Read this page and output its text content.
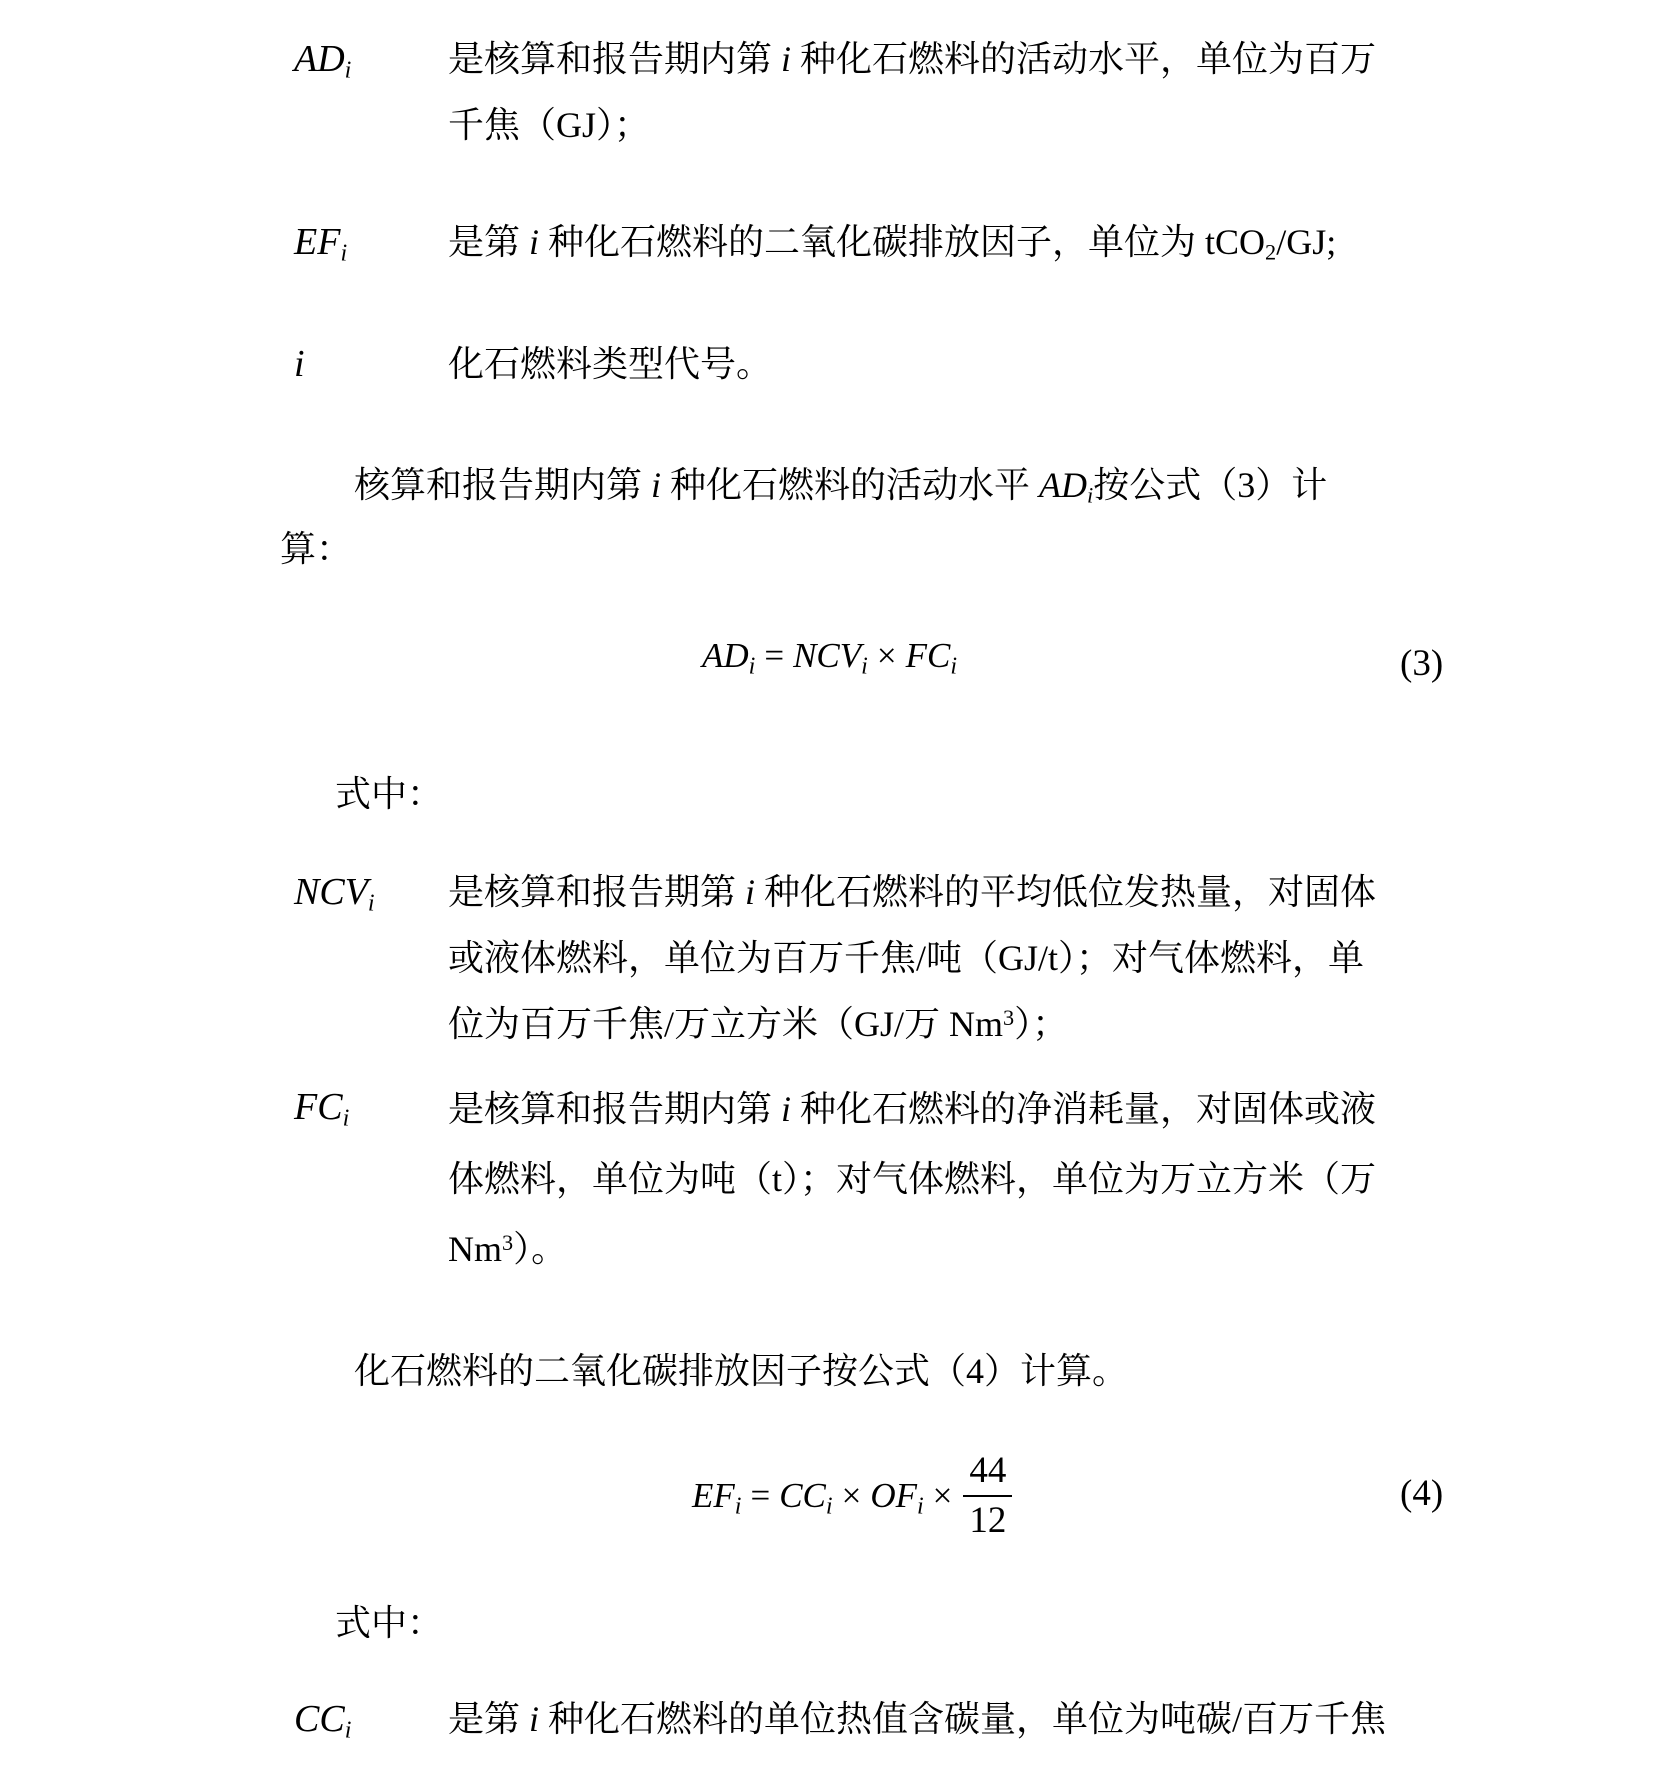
$AD_i$	是核算和报告期内第 i 种化石燃料的活动水平，单位为百万
千焦（GJ）；
$EF_i$	是第 i 种化石燃料的二氧化碳排放因子，单位为 tCO$_2$/GJ;
i	化石燃料类型代号。
核算和报告期内第 i 种化石燃料的活动水平 $AD_i$按公式（3）计
算：
$AD_i = NCV_i \times FC_i$	(3)
式中：
$NCV_i$ 是核算和报告期第 i 种化石燃料的平均低位发热量，对固体
或液体燃料，单位为百万千焦/吨（GJ/t）；对气体燃料，单
位为百万千焦/万立方米（GJ/万 Nm$^3$）；
$FC_i$	是核算和报告期内第 i 种化石燃料的净消耗量，对固体或液
体燃料，单位为吨（t）；对气体燃料，单位为万立方米（万
Nm$^3$）。
化石燃料的二氧化碳排放因子按公式（4）计算。
$EF_i = CC_i \times OF_i \times \frac{44}{12}$	(4)
式中：
$CC_i$	是第 i 种化石燃料的单位热值含碳量，单位为吨碳/百万千焦
